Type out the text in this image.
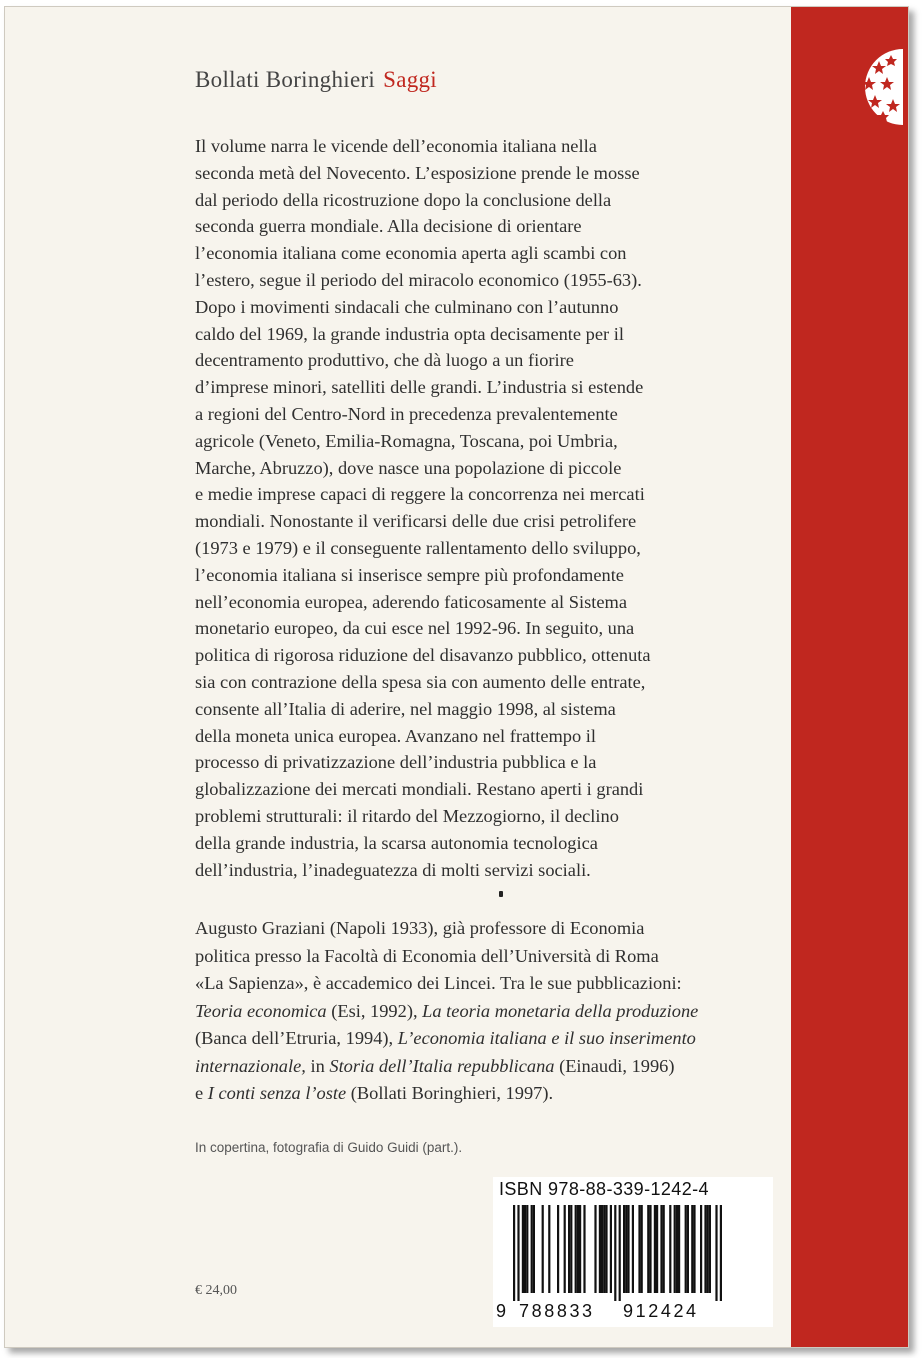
Bollati Boringhieri Saggi
Il volume narra le vicende dell’economia italiana nella
seconda metà del Novecento. L’esposizione prende le mosse
dal periodo della ricostruzione dopo la conclusione della
seconda guerra mondiale. Alla decisione di orientare
l’economia italiana come economia aperta agli scambi con
l’estero, segue il periodo del miracolo economico (1955-63).
Dopo i movimenti sindacali che culminano con l’autunno
caldo del 1969, la grande industria opta decisamente per il
decentramento produttivo, che dà luogo a un fiorire
d’imprese minori, satelliti delle grandi. L’industria si estende
a regioni del Centro-Nord in precedenza prevalentemente
agricole (Veneto, Emilia-Romagna, Toscana, poi Umbria,
Marche, Abruzzo), dove nasce una popolazione di piccole
e medie imprese capaci di reggere la concorrenza nei mercati
mondiali. Nonostante il verificarsi delle due crisi petrolifere
(1973 e 1979) e il conseguente rallentamento dello sviluppo,
l’economia italiana si inserisce sempre più profondamente
nell’economia europea, aderendo faticosamente al Sistema
monetario europeo, da cui esce nel 1992-96. In seguito, una
politica di rigorosa riduzione del disavanzo pubblico, ottenuta
sia con contrazione della spesa sia con aumento delle entrate,
consente all’Italia di aderire, nel maggio 1998, al sistema
della moneta unica europea. Avanzano nel frattempo il
processo di privatizzazione dell’industria pubblica e la
globalizzazione dei mercati mondiali. Restano aperti i grandi
problemi strutturali: il ritardo del Mezzogiorno, il declino
della grande industria, la scarsa autonomia tecnologica
dell’industria, l’inadeguatezza di molti servizi sociali.
Augusto Graziani (Napoli 1933), già professore di Economia
politica presso la Facoltà di Economia dell’Università di Roma
«La Sapienza», è accademico dei Lincei. Tra le sue pubblicazioni:
Teoria economica (Esi, 1992), La teoria monetaria della produzione
(Banca dell’Etruria, 1994), L’economia italiana e il suo inserimento
internazionale, in Storia dell’Italia repubblicana (Einaudi, 1996)
e I conti senza l’oste (Bollati Boringhieri, 1997).
In copertina, fotografia di Guido Guidi (part.).
ISBN 978-88-339-1242-4
9 788833 912424
€ 24,00
